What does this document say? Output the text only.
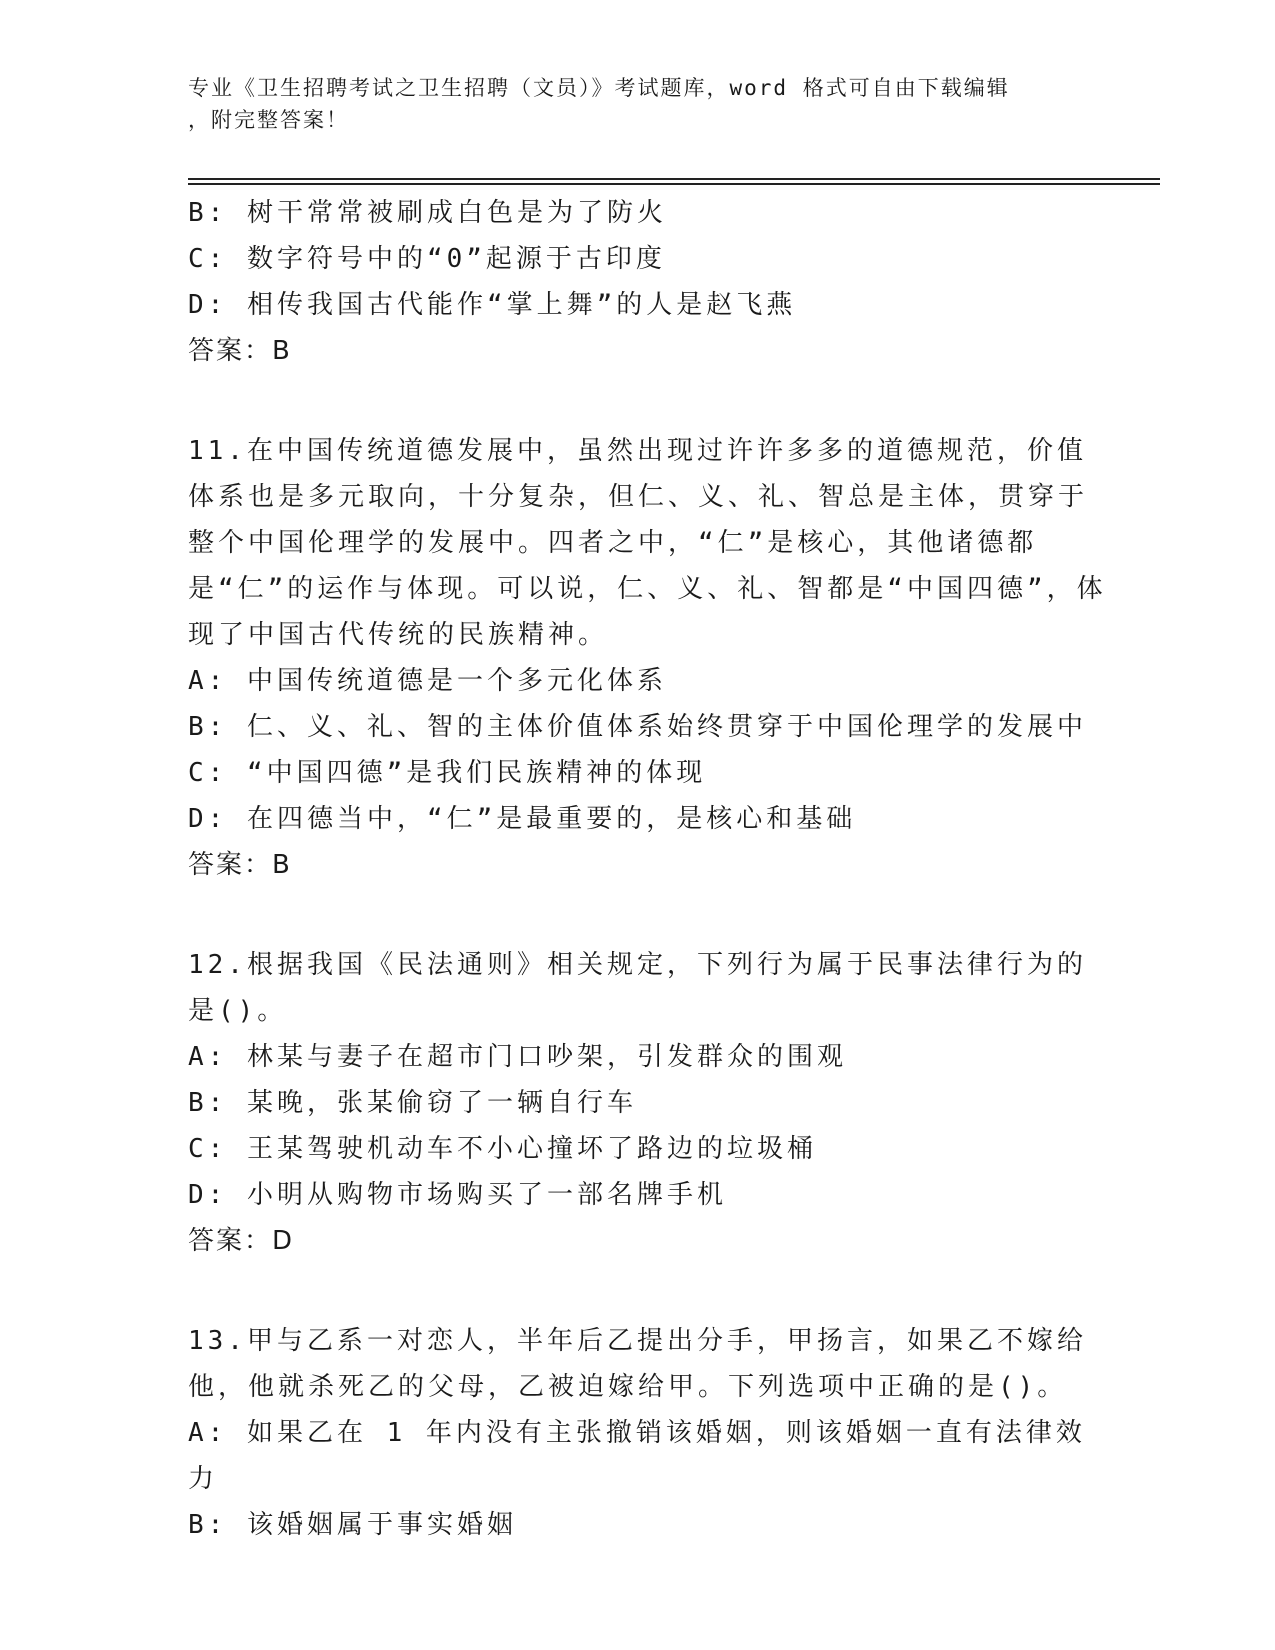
专业《卫生招聘考试之卫生招聘（文员）》考试题库，word 格式可自由下载编辑
，附完整答案！
B: 树干常常被刷成白色是为了防火
C: 数字符号中的“0”起源于古印度
D: 相传我国古代能作“掌上舞”的人是赵飞燕
答案：B
11.在中国传统道德发展中，虽然出现过许许多多的道德规范，价值体系也是多元取向，十分复杂，但仁、义、礼、智总是主体，贯穿于整个中国伦理学的发展中。四者之中，“仁”是核心，其他诸德都是“仁”的运作与体现。可以说，仁、义、礼、智都是“中国四德”，体现了中国古代传统的民族精神。
A: 中国传统道德是一个多元化体系
B: 仁、义、礼、智的主体价值体系始终贯穿于中国伦理学的发展中
C: “中国四德”是我们民族精神的体现
D: 在四德当中，“仁”是最重要的，是核心和基础
答案：B
12.根据我国《民法通则》相关规定，下列行为属于民事法律行为的是()。
A: 林某与妻子在超市门口吵架，引发群众的围观
B: 某晚，张某偷窃了一辆自行车
C: 王某驾驶机动车不小心撞坏了路边的垃圾桶
D: 小明从购物市场购买了一部名牌手机
答案：D
13.甲与乙系一对恋人，半年后乙提出分手，甲扬言，如果乙不嫁给他，他就杀死乙的父母，乙被迫嫁给甲。下列选项中正确的是()。
A: 如果乙在 1 年内没有主张撤销该婚姻，则该婚姻一直有法律效力
B: 该婚姻属于事实婚姻
